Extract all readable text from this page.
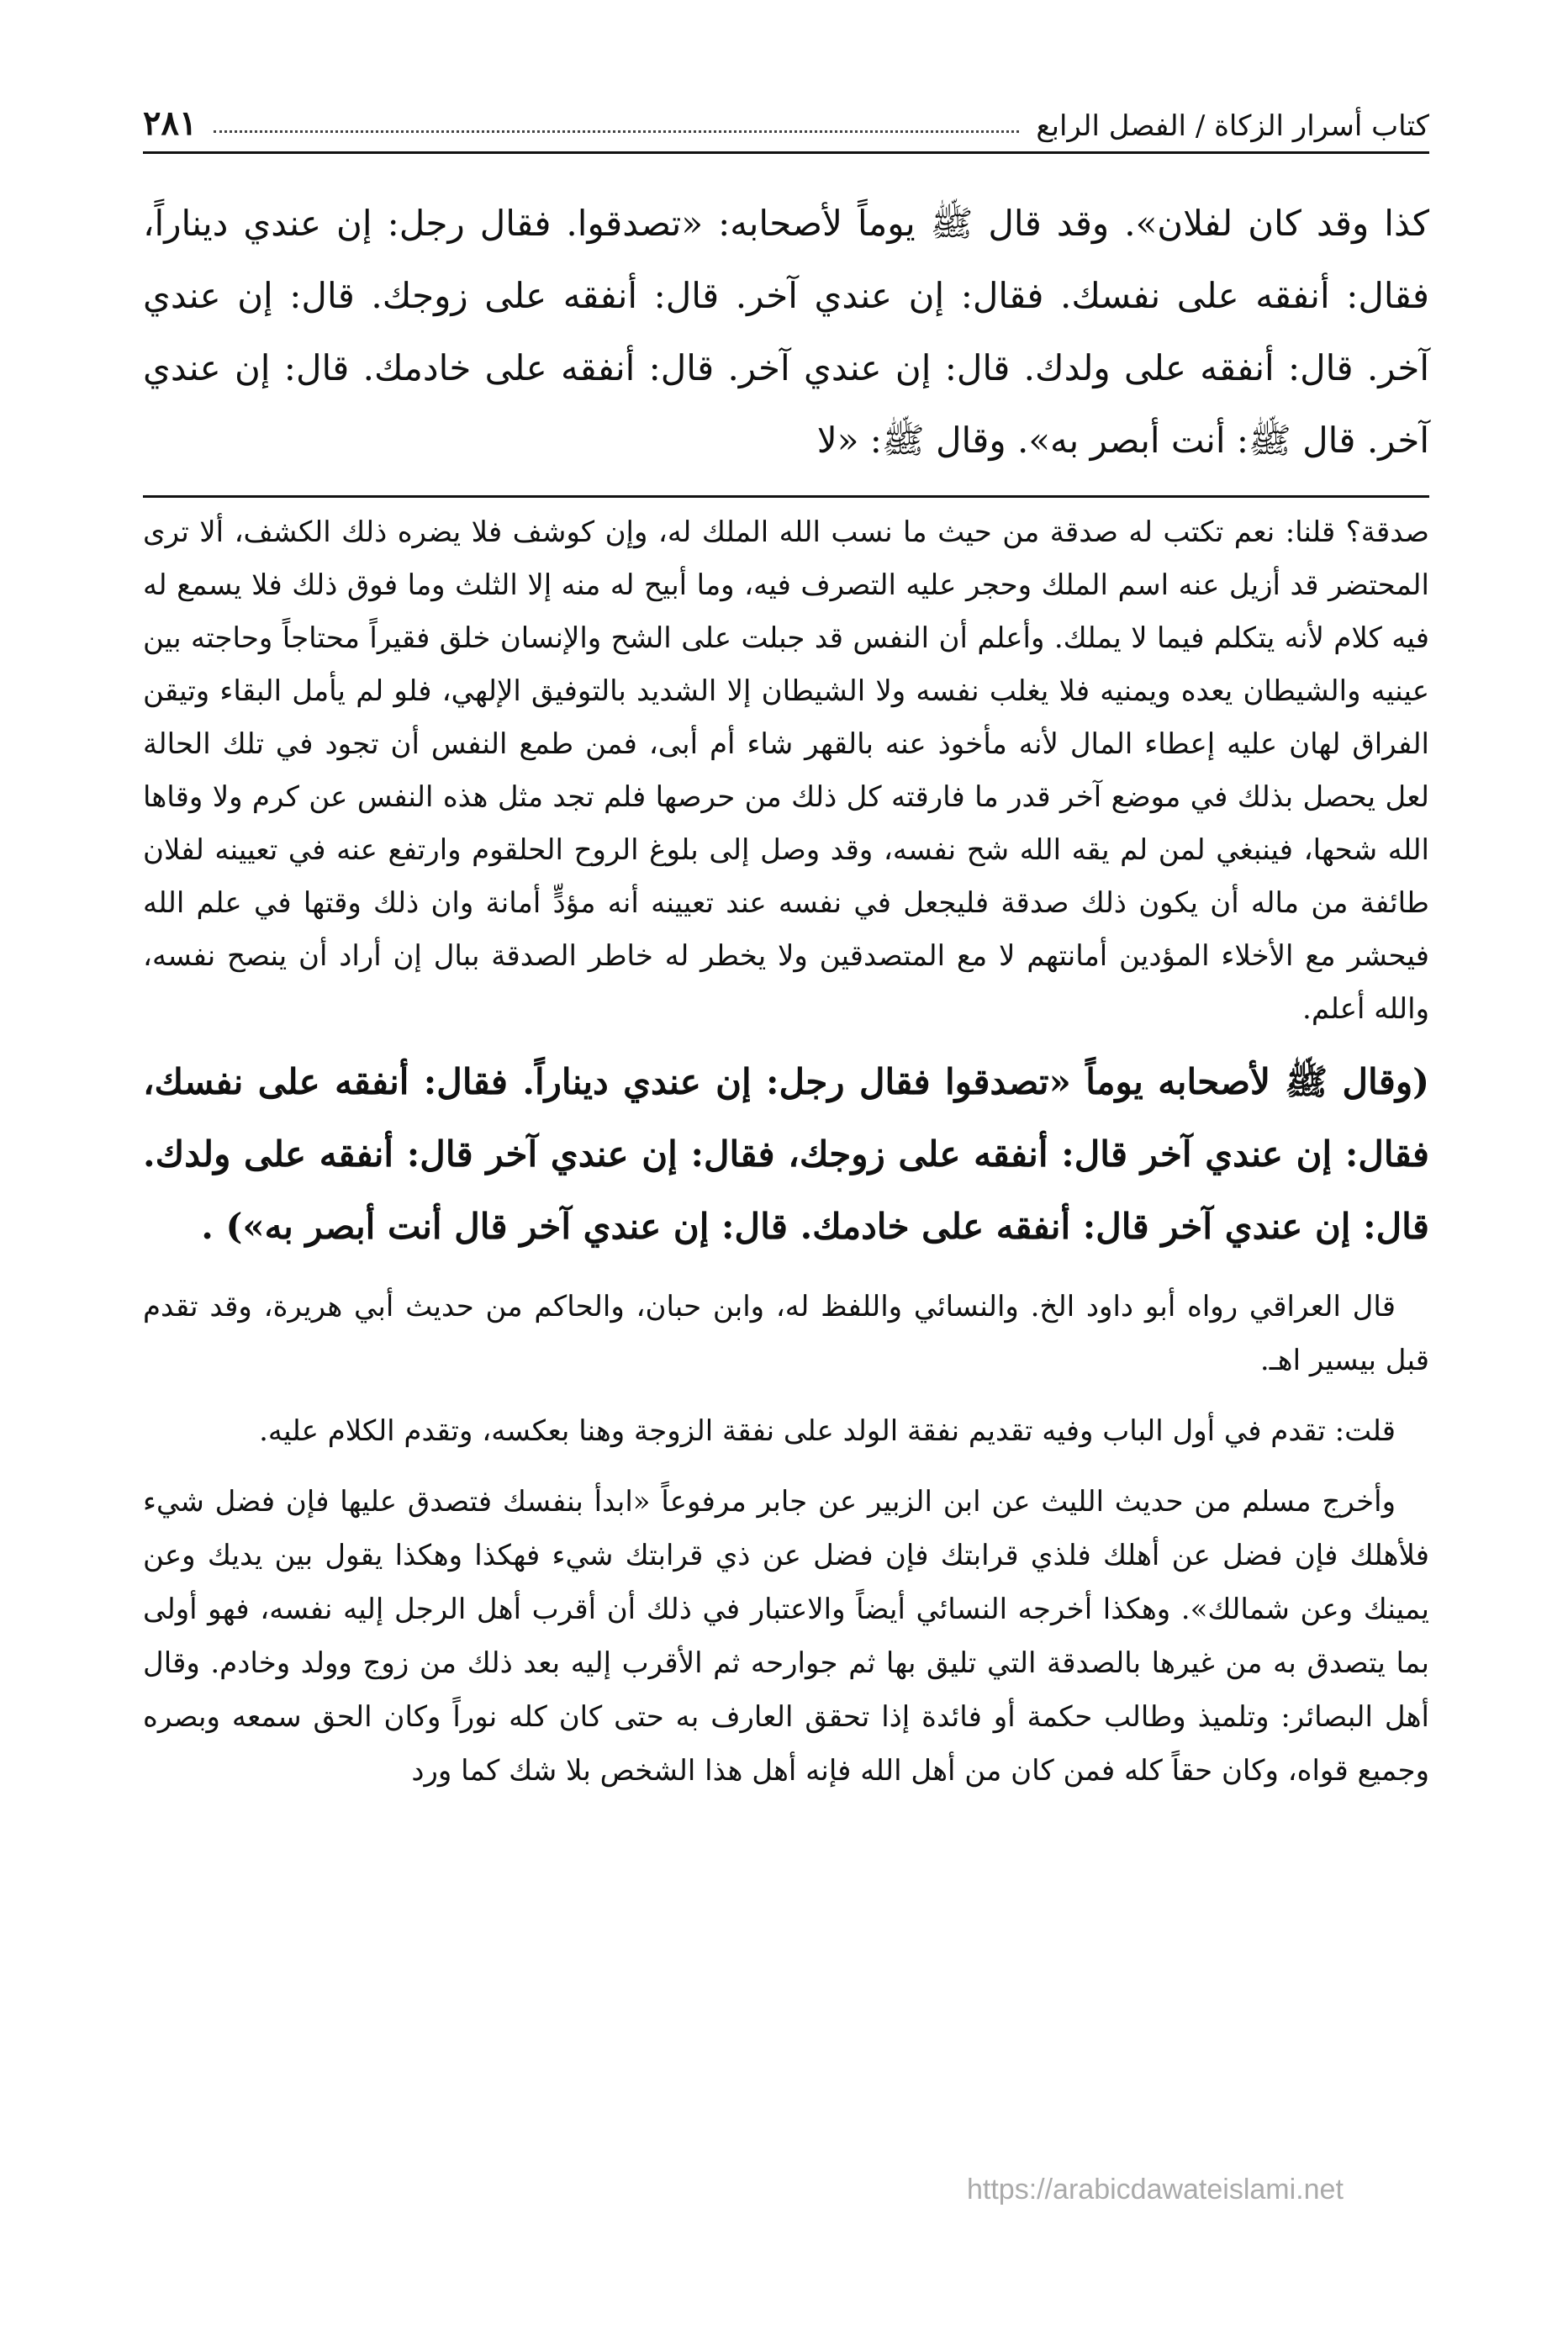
كتاب أسرار الزكاة / الفصل الرابع
٢٨١
كذا وقد كان لفلان». وقد قال ﷺ يوماً لأصحابه: «تصدقوا. فقال رجل: إن عندي ديناراً، فقال: أنفقه على نفسك. فقال: إن عندي آخر. قال: أنفقه على زوجك. قال: إن عندي آخر. قال: أنفقه على ولدك. قال: إن عندي آخر. قال: أنفقه على خادمك. قال: إن عندي آخر. قال ﷺ: أنت أبصر به». وقال ﷺ: «لا
صدقة؟ قلنا: نعم تكتب له صدقة من حيث ما نسب الله الملك له، وإن كوشف فلا يضره ذلك الكشف، ألا ترى المحتضر قد أزيل عنه اسم الملك وحجر عليه التصرف فيه، وما أبيح له منه إلا الثلث وما فوق ذلك فلا يسمع له فيه كلام لأنه يتكلم فيما لا يملك. وأعلم أن النفس قد جبلت على الشح والإنسان خلق فقيراً محتاجاً وحاجته بين عينيه والشيطان يعده ويمنيه فلا يغلب نفسه ولا الشيطان إلا الشديد بالتوفيق الإلهي، فلو لم يأمل البقاء وتيقن الفراق لهان عليه إعطاء المال لأنه مأخوذ عنه بالقهر شاء أم أبى، فمن طمع النفس أن تجود في تلك الحالة لعل يحصل بذلك في موضع آخر قدر ما فارقته كل ذلك من حرصها فلم تجد مثل هذه النفس عن كرم ولا وقاها الله شحها، فينبغي لمن لم يقه الله شح نفسه، وقد وصل إلى بلوغ الروح الحلقوم وارتفع عنه في تعيينه لفلان طائفة من ماله أن يكون ذلك صدقة فليجعل في نفسه عند تعيينه أنه مؤدٍّ أمانة وان ذلك وقتها في علم الله فيحشر مع الأخلاء المؤدين أمانتهم لا مع المتصدقين ولا يخطر له خاطر الصدقة ببال إن أراد أن ينصح نفسه، والله أعلم.
(وقال ﷺ لأصحابه يوماً «تصدقوا فقال رجل: إن عندي ديناراً. فقال: أنفقه على نفسك، فقال: إن عندي آخر قال: أنفقه على زوجك، فقال: إن عندي آخر قال: أنفقه على ولدك. قال: إن عندي آخر قال: أنفقه على خادمك. قال: إن عندي آخر قال أنت أبصر به») .
قال العراقي رواه أبو داود الخ. والنسائي واللفظ له، وابن حبان، والحاكم من حديث أبي هريرة، وقد تقدم قبل بيسير اهـ.
قلت: تقدم في أول الباب وفيه تقديم نفقة الولد على نفقة الزوجة وهنا بعكسه، وتقدم الكلام عليه.
وأخرج مسلم من حديث الليث عن ابن الزبير عن جابر مرفوعاً «ابدأ بنفسك فتصدق عليها فإن فضل شيء فلأهلك فإن فضل عن أهلك فلذي قرابتك فإن فضل عن ذي قرابتك شيء فهكذا وهكذا يقول بين يديك وعن يمينك وعن شمالك». وهكذا أخرجه النسائي أيضاً والاعتبار في ذلك أن أقرب أهل الرجل إليه نفسه، فهو أولى بما يتصدق به من غيرها بالصدقة التي تليق بها ثم جوارحه ثم الأقرب إليه بعد ذلك من زوج وولد وخادم. وقال أهل البصائر: وتلميذ وطالب حكمة أو فائدة إذا تحقق العارف به حتى كان كله نوراً وكان الحق سمعه وبصره وجميع قواه، وكان حقاً كله فمن كان من أهل الله فإنه أهل هذا الشخص بلا شك كما ورد
https://arabicdawateislami.net
